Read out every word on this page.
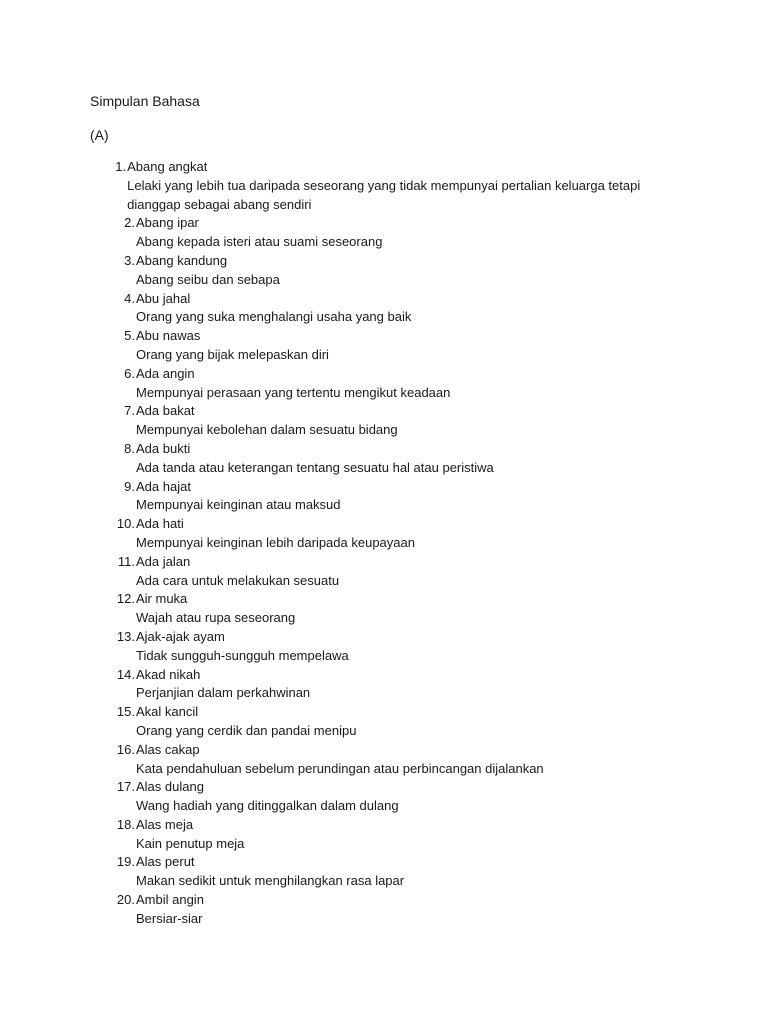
Simpulan Bahasa
(A)
1. Abang angkat
Lelaki yang lebih tua daripada seseorang yang tidak mempunyai pertalian keluarga tetapi dianggap sebagai abang sendiri
2. Abang ipar
Abang kepada isteri atau suami seseorang
3. Abang kandung
Abang seibu dan sebapa
4. Abu jahal
Orang yang suka menghalangi usaha yang baik
5. Abu nawas
Orang yang bijak melepaskan diri
6. Ada angin
Mempunyai perasaan yang tertentu mengikut keadaan
7. Ada bakat
Mempunyai kebolehan dalam sesuatu bidang
8. Ada bukti
Ada tanda atau keterangan tentang sesuatu hal atau peristiwa
9. Ada hajat
Mempunyai keinginan atau maksud
10. Ada hati
Mempunyai keinginan lebih daripada keupayaan
11. Ada jalan
Ada cara untuk melakukan sesuatu
12. Air muka
Wajah atau rupa seseorang
13. Ajak-ajak ayam
Tidak sungguh-sungguh mempelawa
14. Akad nikah
Perjanjian dalam perkahwinan
15. Akal kancil
Orang yang cerdik dan pandai menipu
16. Alas cakap
Kata pendahuluan sebelum perundingan atau perbincangan dijalankan
17. Alas dulang
Wang hadiah yang ditinggalkan dalam dulang
18. Alas meja
Kain penutup meja
19. Alas perut
Makan sedikit untuk menghilangkan rasa lapar
20. Ambil angin
Bersiar-siar
